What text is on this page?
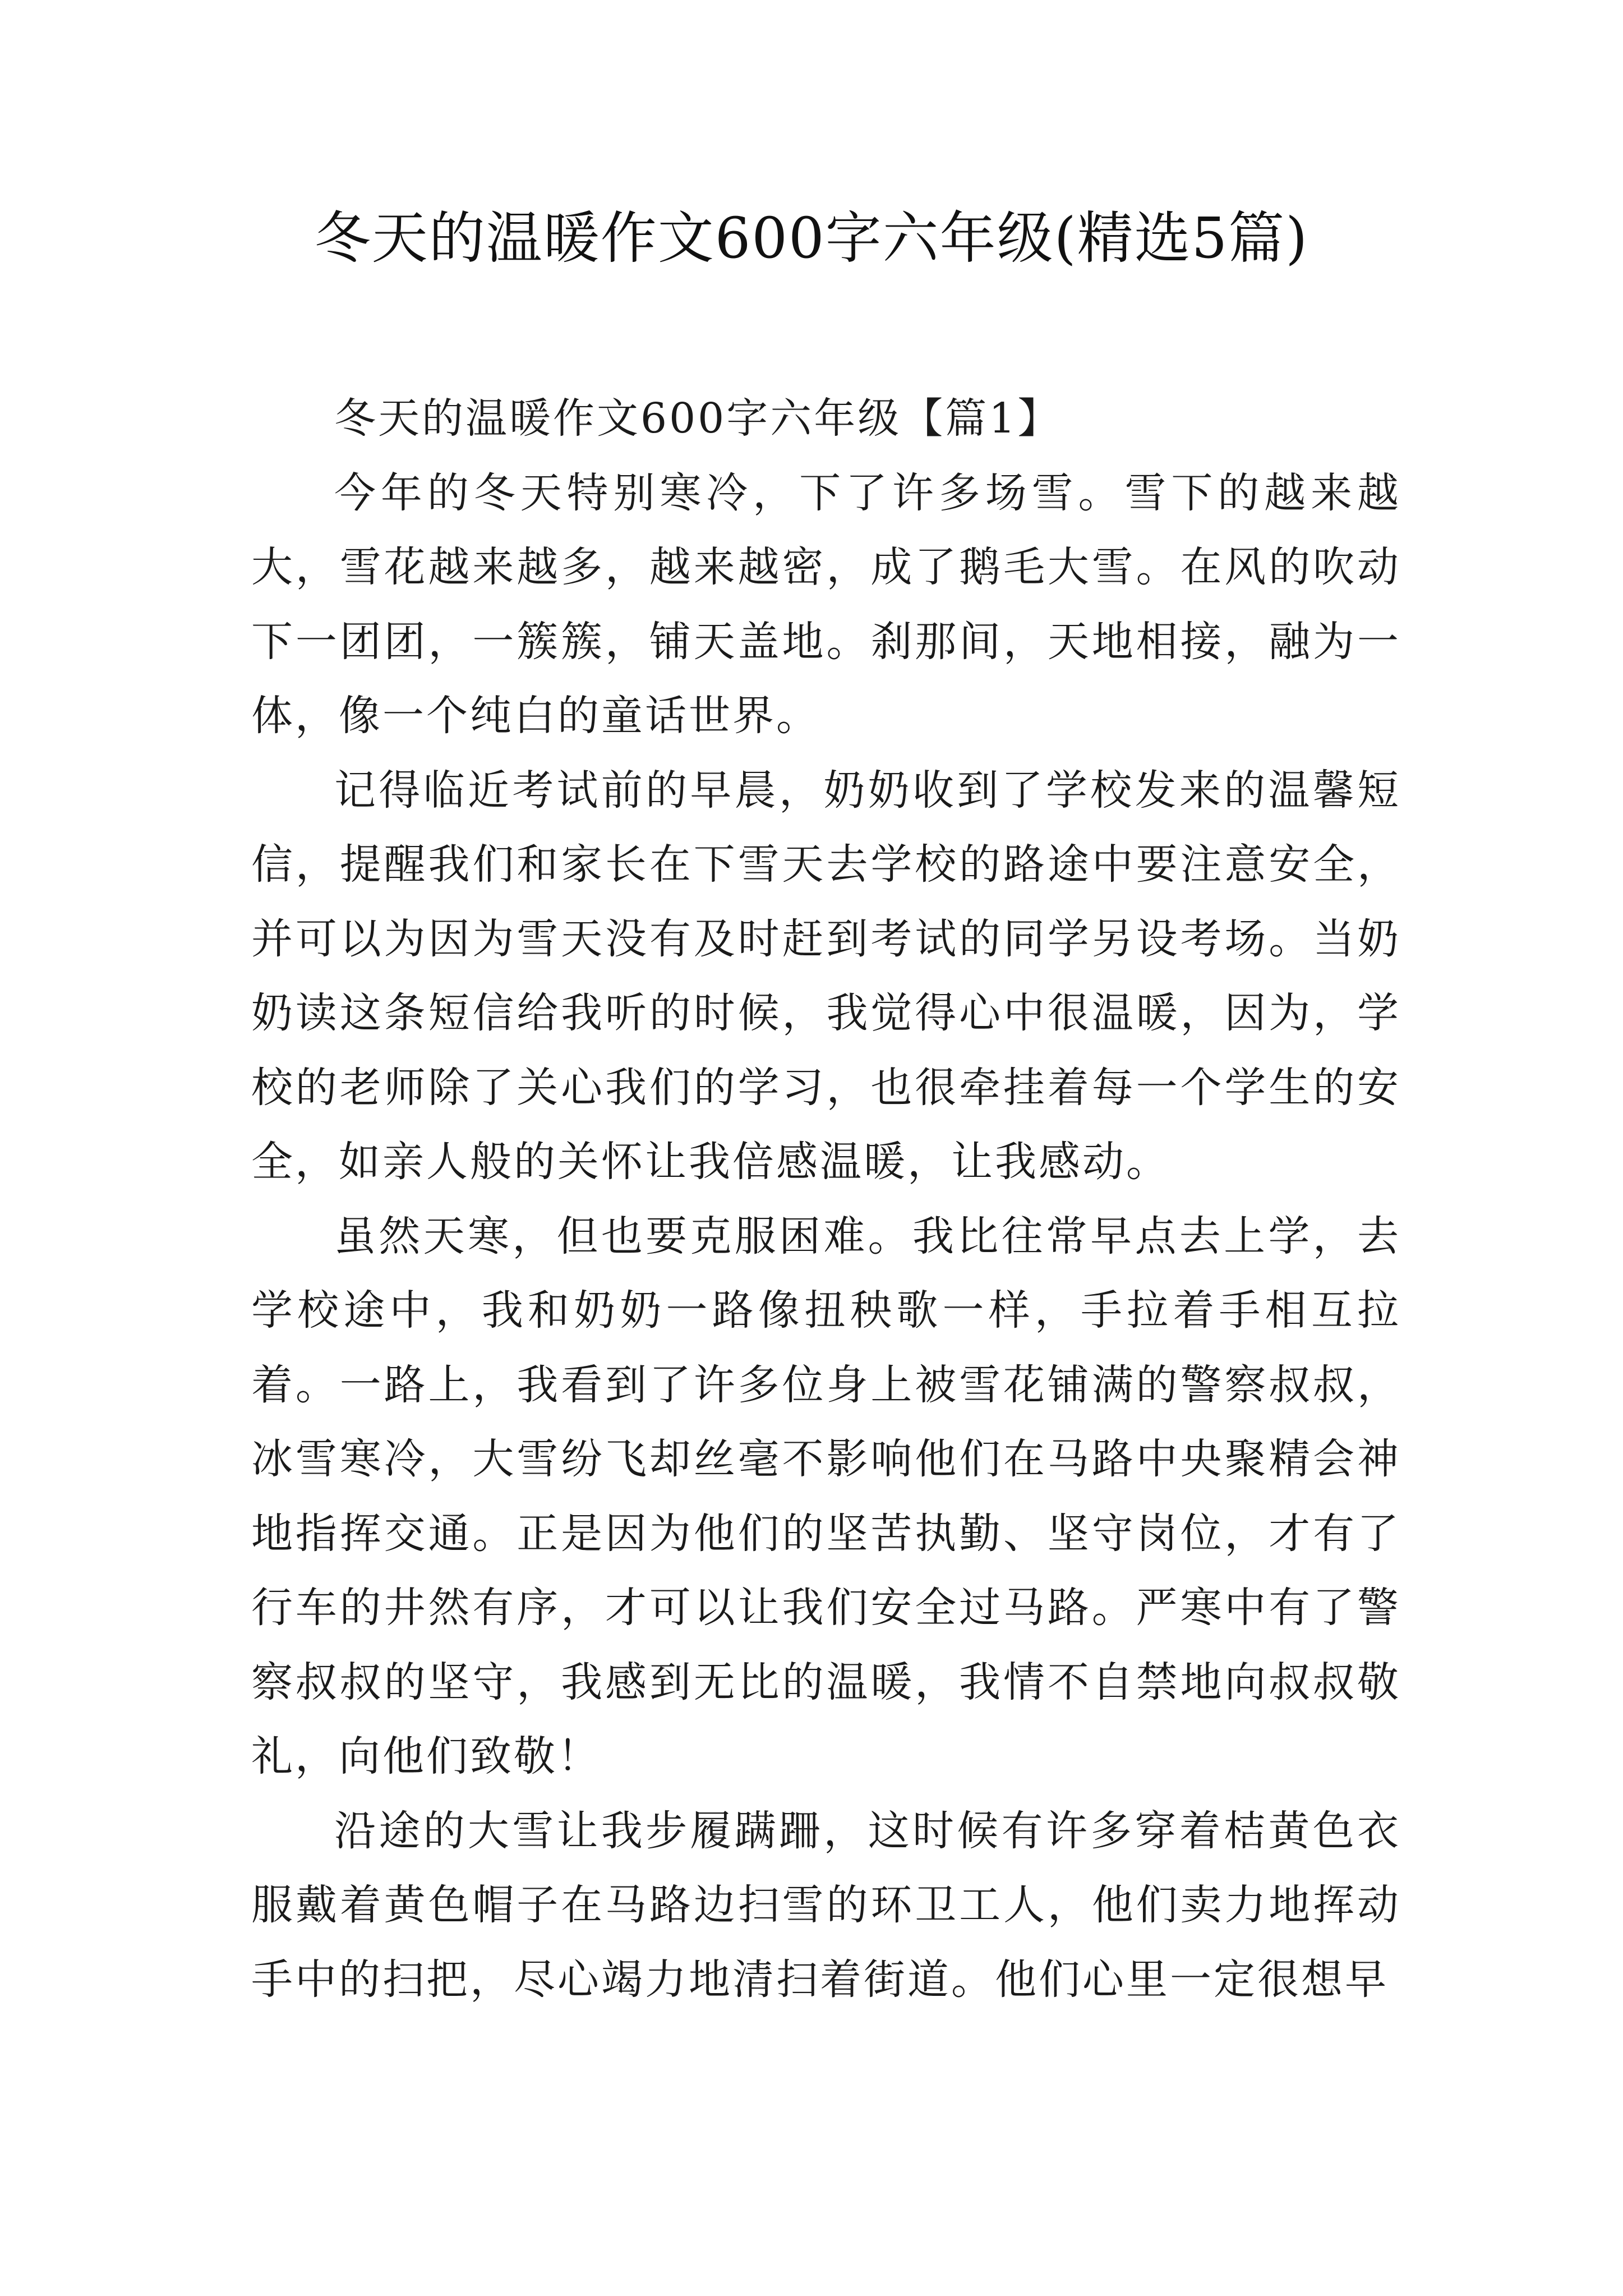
冬天的温暖作文600字六年级(精选5篇)

冬天的温暖作文600字六年级【篇1】

今年的冬天特别寒冷，下了许多场雪。雪下的越来越大，雪花越来越多，越来越密，成了鹅毛大雪。在风的吹动下一团团，一簇簇，铺天盖地。刹那间，天地相接，融为一体，像一个纯白的童话世界。

记得临近考试前的早晨，奶奶收到了学校发来的温馨短信，提醒我们和家长在下雪天去学校的路途中要注意安全，并可以为因为雪天没有及时赶到考试的同学另设考场。当奶奶读这条短信给我听的时候，我觉得心中很温暖，因为，学校的老师除了关心我们的学习，也很牵挂着每一个学生的安全，如亲人般的关怀让我倍感温暖，让我感动。

虽然天寒，但也要克服困难。我比往常早点去上学，去学校途中，我和奶奶一路像扭秧歌一样，手拉着手相互拉着。一路上，我看到了许多位身上被雪花铺满的警察叔叔，冰雪寒冷，大雪纷飞却丝毫不影响他们在马路中央聚精会神地指挥交通。正是因为他们的坚苦执勤、坚守岗位，才有了行车的井然有序，才可以让我们安全过马路。严寒中有了警察叔叔的坚守，我感到无比的温暖，我情不自禁地向叔叔敬礼，向他们致敬！

沿途的大雪让我步履蹒跚，这时候有许多穿着桔黄色衣服戴着黄色帽子在马路边扫雪的环卫工人，他们卖力地挥动手中的扫把，尽心竭力地清扫着街道。他们心里一定很想早
